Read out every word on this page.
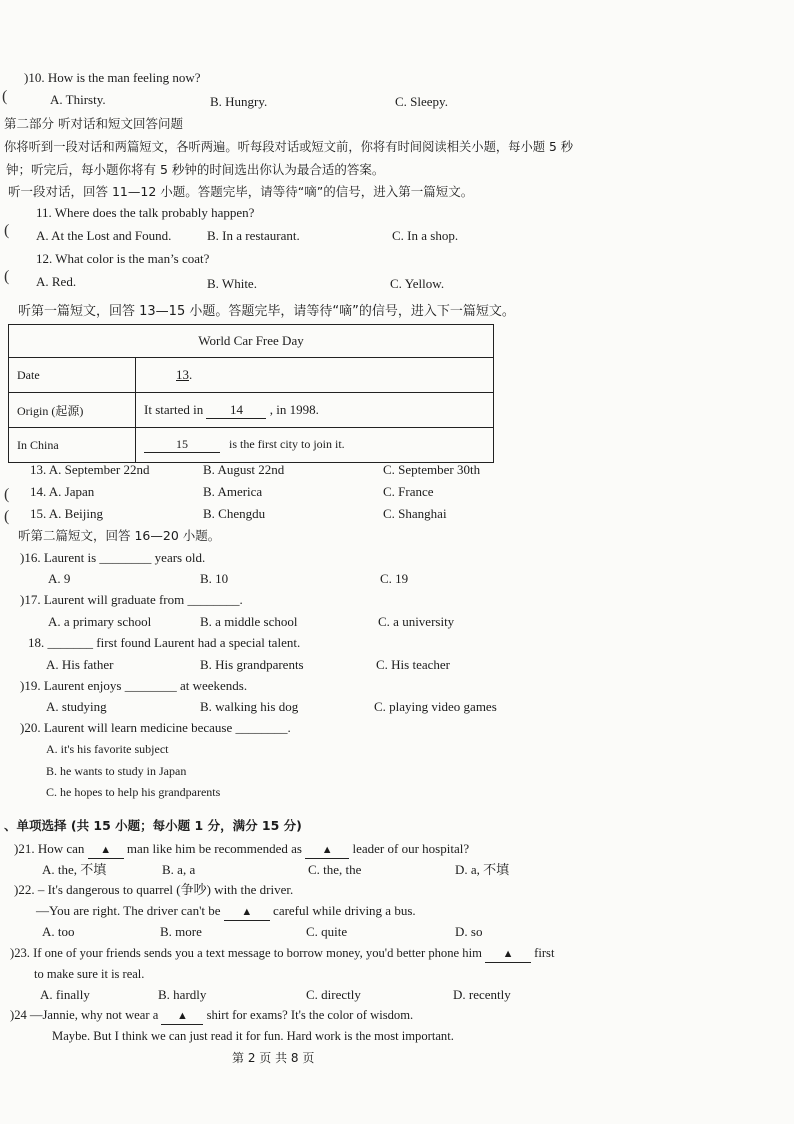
(
(
(
(
(
)10. How is the man feeling now?
A. Thirsty.	B. Hungry.	C. Sleepy.
第二部分 听对话和短文回答问题
你将听到一段对话和两篇短文，各听两遍。听每段对话或短文前，你将有时间阅读相关小题，每小题 5 秒
钟；听完后，每小题你将有 5 秒钟的时间选出你认为最合适的答案。
听一段对话，回答 11—12 小题。答题完毕，请等待“嘀”的信号，进入第一篇短文。
11. Where does the talk probably happen?
A. At the Lost and Found.	B. In a restaurant.	C. In a shop.
12. What color is the man’s coat?
A. Red.	B. White.	C. Yellow.
听第一篇短文，回答 13—15 小题。答题完毕，请等待“嘀”的信号，进入下一篇短文。
World Car Free Day	
Date	13.
Origin (起源)	It started in 14 , in 1998.
In China	15 is the first city to join it.
13. A. September 22nd	B. August 22nd	C. September 30th
14. A. Japan	B. America	C. France
15. A. Beijing	B. Chengdu	C. Shanghai
听第二篇短文，回答 16—20 小题。
)16. Laurent is ________ years old.
A. 9	B. 10	C. 19
)17. Laurent will graduate from ________.
A. a primary school	B. a middle school	C. a university
18. _______ first found Laurent had a special talent.
A. His father	B. His grandparents	C. His teacher
)19. Laurent enjoys ________ at weekends.
A. studying	B. walking his dog	C. playing video games
)20. Laurent will learn medicine because ________.
A. it's his favorite subject
B. he wants to study in Japan
C. he hopes to help his grandparents
、单项选择 (共 15 小题；每小题 1 分，满分 15 分)
)21. How can ▲ man like him be recommended as ▲ leader of our hospital?
A. the, 不填	B. a, a	C. the, the	D. a, 不填
)22. – It's dangerous to quarrel (争吵) with the driver.
—You are right. The driver can't be ▲ careful while driving a bus.
A. too	B. more	C. quite	D. so
)23. If one of your friends sends you a text message to borrow money, you'd better phone him ▲ first
to make sure it is real.
A. finally	B. hardly	C. directly	D. recently
)24 —Jannie, why not wear a ▲ shirt for exams? It's the color of wisdom.
Maybe. But I think we can just read it for fun. Hard work is the most important.
第 2 页 共 8 页
